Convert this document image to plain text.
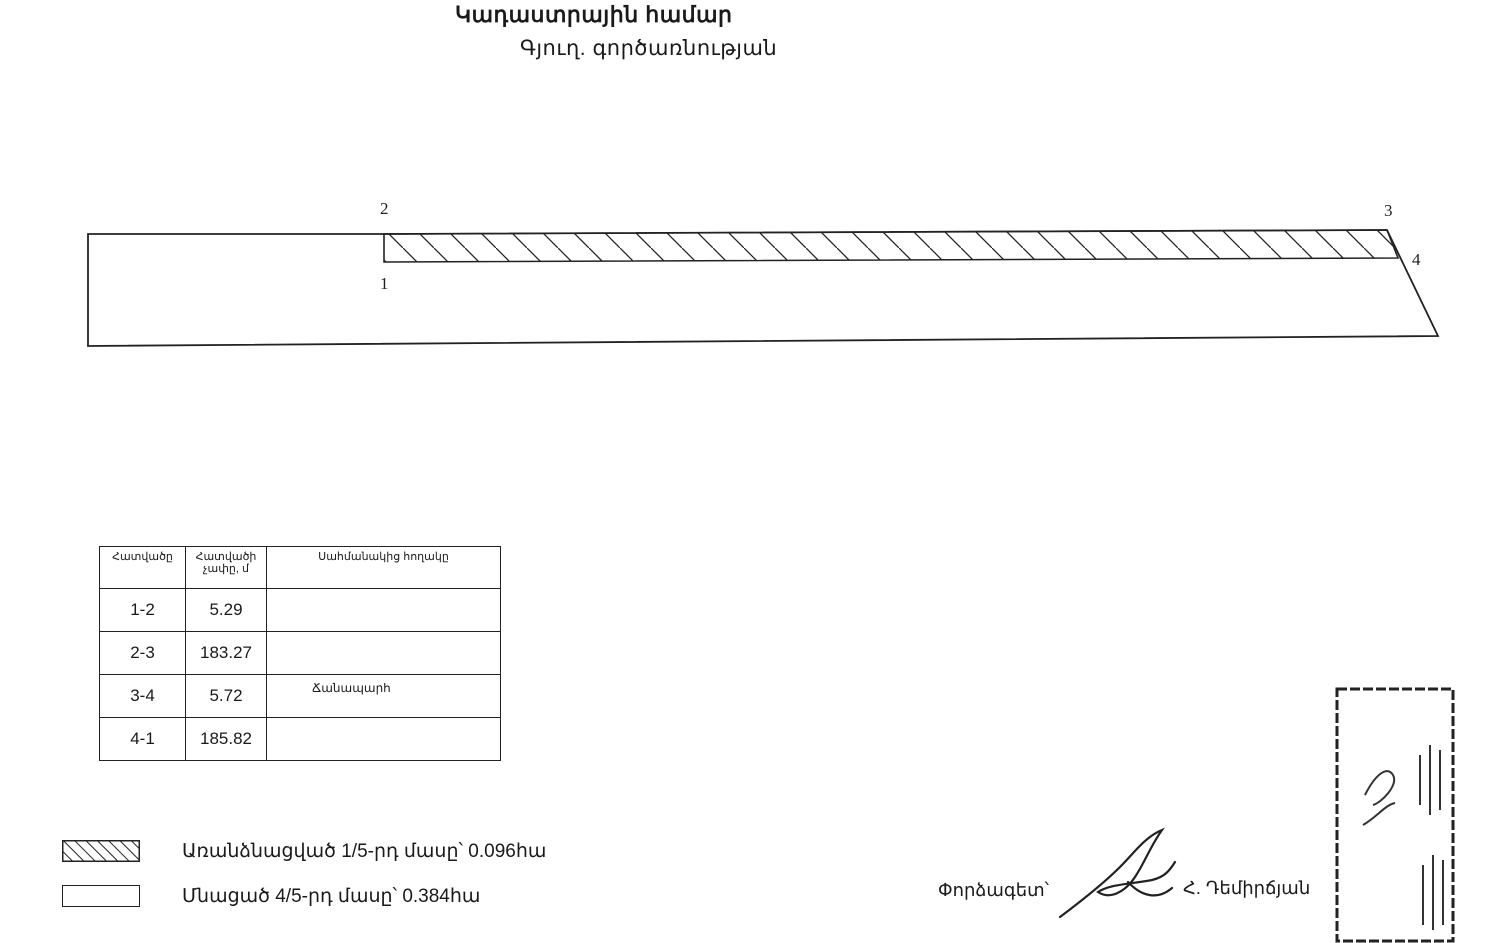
Կադաստրային համար
Գյուղ. գործառնության
2
1
3
4
Հատվածը	Հատվածի չափը, մ	Սահմանակից հողակը
1-2	5.29	
2-3	183.27	
3-4	5.72	Ճանապարհ
4-1	185.82	
Առանձնացված 1/5-րդ մասը՝ 0.096հա
Մնացած 4/5-րդ մասը՝ 0.384հա	Փորձագետ՝	Հ. Դեմիրճյան
